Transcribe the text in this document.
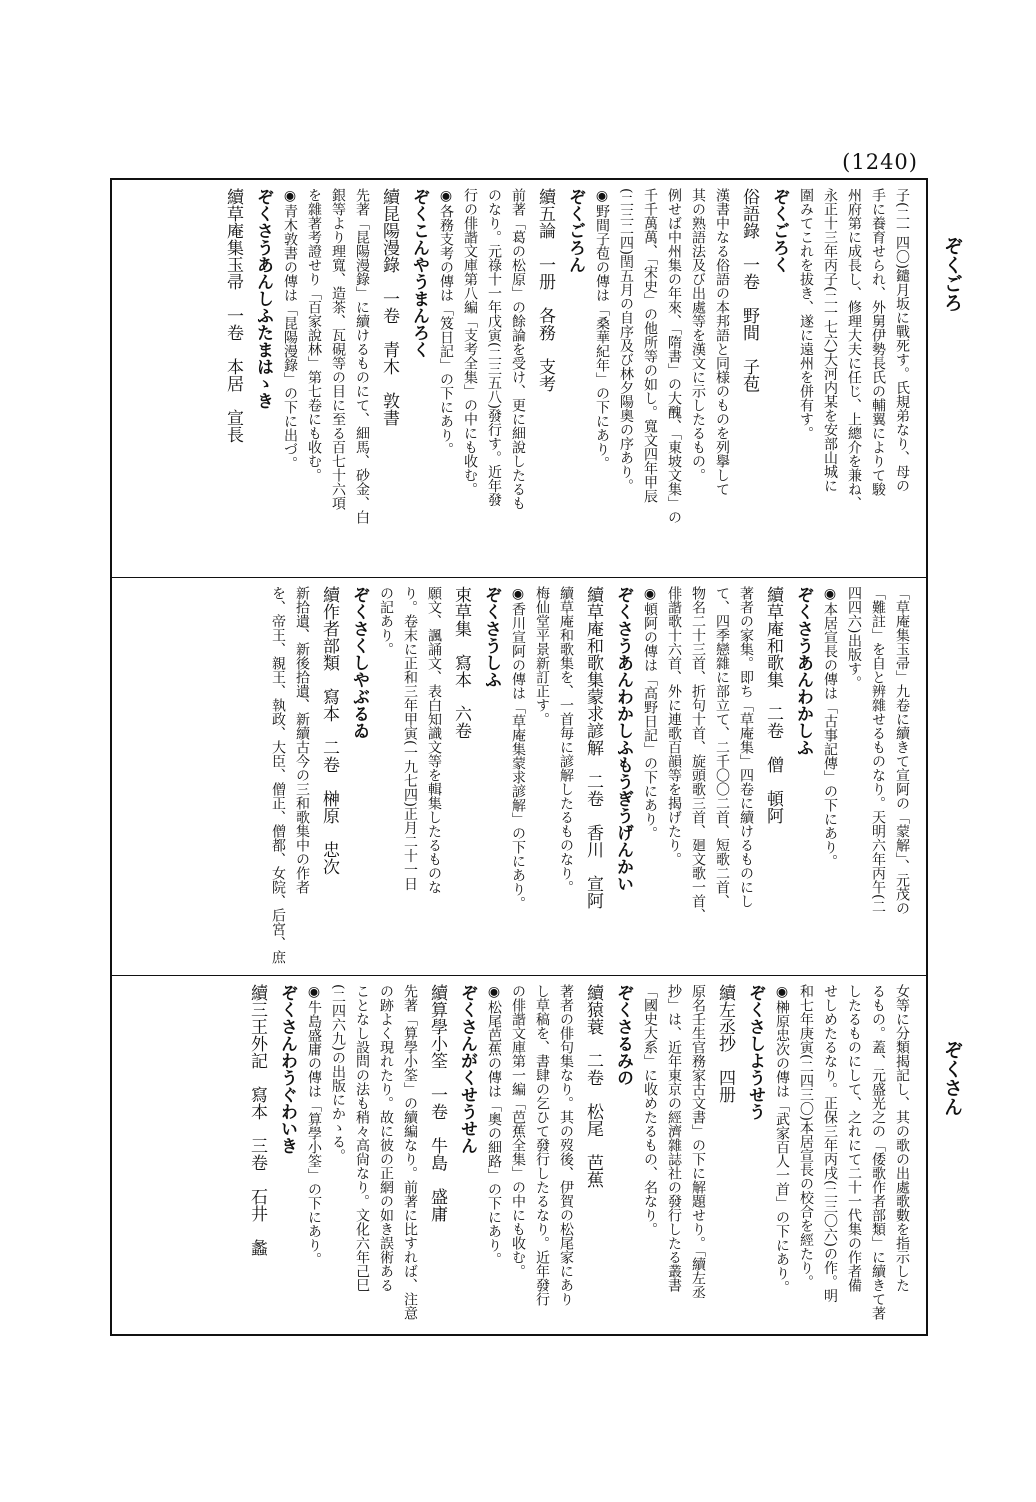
(1240)
ぞくごろ
ぞくさん
子(二一四〇)鑓月坂に戰死す。氏規弟なり、母の
手に養育せられ、外舅伊勢長氏の輔翼によりて駿
州府第に成長し、修理大夫に任じ、上總介を兼ね、
永正十三年丙子(二一七六)大河内某を安部山城に
圍みてこれを拔き、遂に遠州を併有す。
ぞくごろく
俗語錄　一卷　野間　子苞
漢書中なる俗語の本邦語と同様のものを列擧して
其の熟語法及び出處等を漢文に示したるもの。
例せば中州集の年來、「隋書」の大醜、「東坡文集」の
千千萬萬、「宋史」の他所等の如し。寬文四年甲辰
(二三二四)閏五月の自序及び林夕陽奧の序あり。
◉野間子苞の傳は「桑華紀年」の下にあり。
ぞくごろん
續五論　一册　各務　支考
前著「葛の松原」の餘論を受け、更に細說したるも
のなり。元祿十一年戊寅(二三五八)發行す。近年發
行の俳諧文庫第八編「支考全集」の中にも收む。
◉各務支考の傳は「笈日記」の下にあり。
ぞくこんやうまんろく
續昆陽漫錄　一卷　青木　敦書
先著「昆陽漫錄」に續けるものにて、細馬、砂金、白
銀等より理寬、造茶、瓦硯等の目に至る百七十六項
を雜著考證せり「百家說林」第七卷にも收む。
◉青木敦書の傳は「昆陽漫錄」の下に出づ。
ぞくさうあんしふたまはゝき
續草庵集玉帚　一卷　本居　宣長
「草庵集玉帚」九卷に續きて宣阿の「蒙解」、元茂の
「難註」を自と辨雜せるものなり。天明六年丙午(二
四四六)出版す。
◉本居宣長の傳は「古事記傳」の下にあり。
ぞくさうあんわかしふ
續草庵和歌集　二卷　僧　頓阿
著者の家集。即ち「草庵集」四卷に續けるものにし
て、四季戀雜に部立て、二千〇〇二首、短歌二首、
物名二十三首、折句十首、旋頭歌三首、廻文歌一首、
俳諧歌十六首、外に連歌百韻等を揭げたり。
◉頓阿の傳は「高野日記」の下にあり。
ぞくさうあんわかしふもうぎうげんかい
續草庵和歌集蒙求諺解　二卷　香川　宣阿
續草庵和歌集を、一首毎に諺解したるものなり。
梅仙堂平景新訂正す。
◉香川宣阿の傳は「草庵集蒙求諺解」の下にあり。
ぞくさうしふ
束草集　寫本　六卷
願文、諷誦文、表白知識文等を輯集したるものな
り。卷末に正和三年甲寅(一九七四)正月二十一日
の記あり。
ぞくさくしやぶるゐ
續作者部類　寫本　二卷　榊原　忠次
新拾遺、新後拾遺、新續古今の三和歌集中の作者
を、帝王、親王、執政、大臣、僧正、僧都、女院、后宮、庶
女等に分類揭記し、其の歌の出處歌數を指示した
るもの。蓋、元盛光之の「倭歌作者部類」に續きて著
したるものにして、之れにて二十一代集の作者備
せしめたるなり。正保三年丙戌(二三〇六)の作。明
和七年庚寅(二四三〇)本居宣長の校合を經たり。
◉榊原忠次の傳は「武家百人一首」の下にあり。
ぞくさしようせう
續左丞抄　四册
原名壬生官務家古文書」の下に解題せり。「續左丞
抄」は、近年東京の經濟雜誌社の發行したる叢書
「國史大系」に收めたるもの、名なり。
ぞくさるみの
續猿蓑　二卷　松尾　芭蕉
著者の俳句集なり。其の歿後、伊賀の松尾家にあり
し草稿を、書肆の乞ひて發行したるなり。近年發行
の俳諧文庫第一編「芭蕉全集」の中にも收む。
◉松尾芭蕉の傳は「奧の細路」の下にあり。
ぞくさんがくせうせん
續算學小筌　一卷　牛島　盛庸
先著「算學小筌」の續編なり。前著に比すれば、注意
の跡よく現れたり。故に彼の正網の如き誤術ある
ことなし設問の法も稍々高尙なり。文化六年己巳
(二四六九)の出版にかゝる。
◉牛島盛庸の傳は「算學小筌」の下にあり。
ぞくさんわうぐわいき
續三王外記　寫本　三卷　石井　蠡
